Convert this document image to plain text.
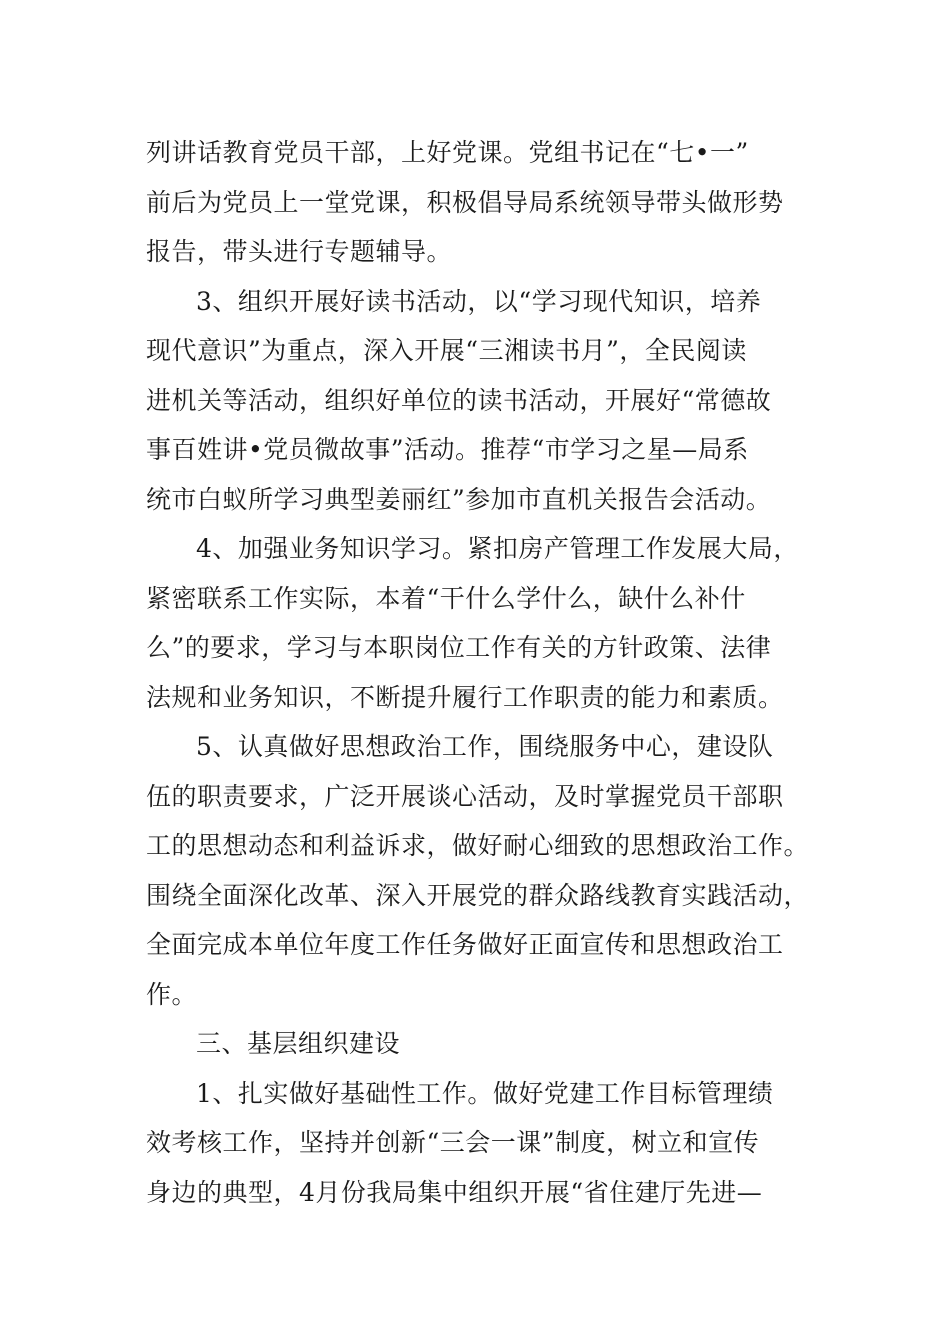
列讲话教育党员干部，上好党课。党组书记在“七•一”
前后为党员上一堂党课，积极倡导局系统领导带头做形势
报告，带头进行专题辅导。
3、组织开展好读书活动，以“学习现代知识，培养
现代意识”为重点，深入开展“三湘读书月”，全民阅读
进机关等活动，组织好单位的读书活动，开展好“常德故
事百姓讲•党员微故事”活动。推荐“市学习之星—局系
统市白蚁所学习典型姜丽红”参加市直机关报告会活动。
4、加强业务知识学习。紧扣房产管理工作发展大局，
紧密联系工作实际，本着“干什么学什么，缺什么补什
么”的要求，学习与本职岗位工作有关的方针政策、法律
法规和业务知识，不断提升履行工作职责的能力和素质。
5、认真做好思想政治工作，围绕服务中心，建设队
伍的职责要求，广泛开展谈心活动，及时掌握党员干部职
工的思想动态和利益诉求，做好耐心细致的思想政治工作。
围绕全面深化改革、深入开展党的群众路线教育实践活动，
全面完成本单位年度工作任务做好正面宣传和思想政治工
作。
三、基层组织建设
1、扎实做好基础性工作。做好党建工作目标管理绩
效考核工作，坚持并创新“三会一课”制度，树立和宣传
身边的典型，4月份我局集中组织开展“省住建厅先进—
